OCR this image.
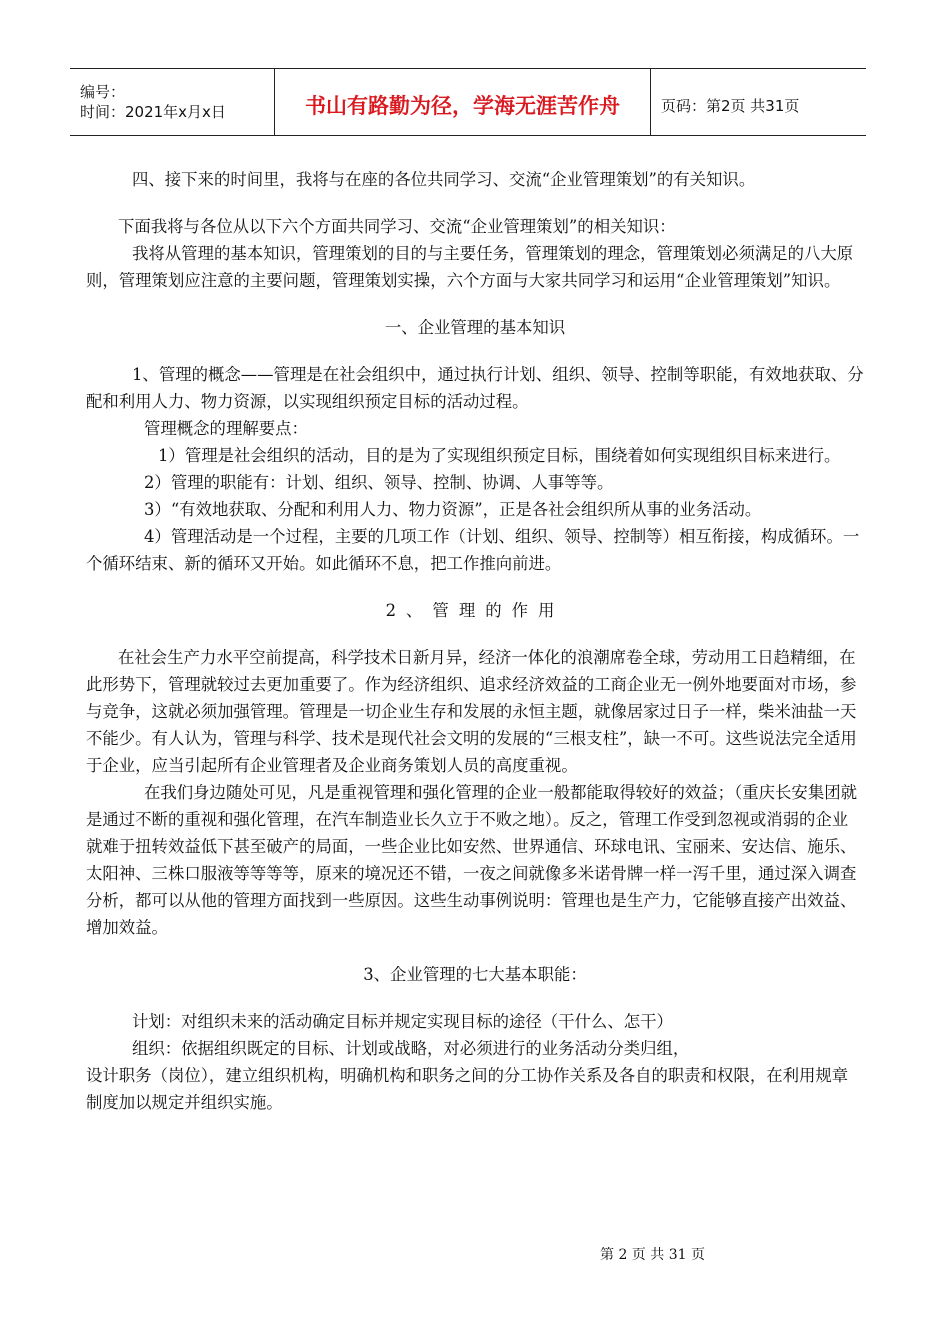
编号：
时间：2021年x月x日	书山有路勤为径，学海无涯苦作舟	页码：第2页 共31页

四、接下来的时间里，我将与在座的各位共同学习、交流“企业管理策划”的有关知识。

下面我将与各位从以下六个方面共同学习、交流“企业管理策划”的相关知识：

我将从管理的基本知识，管理策划的目的与主要任务，管理策划的理念，管理策划必须满足的八大原则，管理策划应注意的主要问题，管理策划实操，六个方面与大家共同学习和运用“企业管理策划”知识。

一、企业管理的基本知识

1、管理的概念——管理是在社会组织中，通过执行计划、组织、领导、控制等职能，有效地获取、分配和利用人力、物力资源，以实现组织预定目标的活动过程。

管理概念的理解要点：

1）管理是社会组织的活动，目的是为了实现组织预定目标，围绕着如何实现组织目标来进行。

2）管理的职能有：计划、组织、领导、控制、协调、人事等等。

3）“有效地获取、分配和利用人力、物力资源”，正是各社会组织所从事的业务活动。

4）管理活动是一个过程，主要的几项工作（计划、组织、领导、控制等）相互衔接，构成循环。一个循环结束、新的循环又开始。如此循环不息，把工作推向前进。

2、管理的作用

在社会生产力水平空前提高，科学技术日新月异，经济一体化的浪潮席卷全球，劳动用工日趋精细，在此形势下，管理就较过去更加重要了。作为经济组织、追求经济效益的工商企业无一例外地要面对市场，参与竞争，这就必须加强管理。管理是一切企业生存和发展的永恒主题，就像居家过日子一样，柴米油盐一天不能少。有人认为，管理与科学、技术是现代社会文明的发展的“三根支柱”，缺一不可。这些说法完全适用于企业，应当引起所有企业管理者及企业商务策划人员的高度重视。

在我们身边随处可见，凡是重视管理和强化管理的企业一般都能取得较好的效益；（重庆长安集团就是通过不断的重视和强化管理，在汽车制造业长久立于不败之地）。反之，管理工作受到忽视或消弱的企业就难于扭转效益低下甚至破产的局面，一些企业比如安然、世界通信、环球电讯、宝丽来、安达信、施乐、太阳神、三株口服液等等等等，原来的境况还不错，一夜之间就像多米诺骨牌一样一泻千里，通过深入调查分析，都可以从他的管理方面找到一些原因。这些生动事例说明：管理也是生产力，它能够直接产出效益、增加效益。

3、企业管理的七大基本职能：

计划：对组织未来的活动确定目标并规定实现目标的途径（干什么、怎干）

组织：依据组织既定的目标、计划或战略，对必须进行的业务活动分类归组，

设计职务（岗位），建立组织机构，明确机构和职务之间的分工协作关系及各自的职责和权限，在利用规章制度加以规定并组织实施。

第 2 页 共 31 页
